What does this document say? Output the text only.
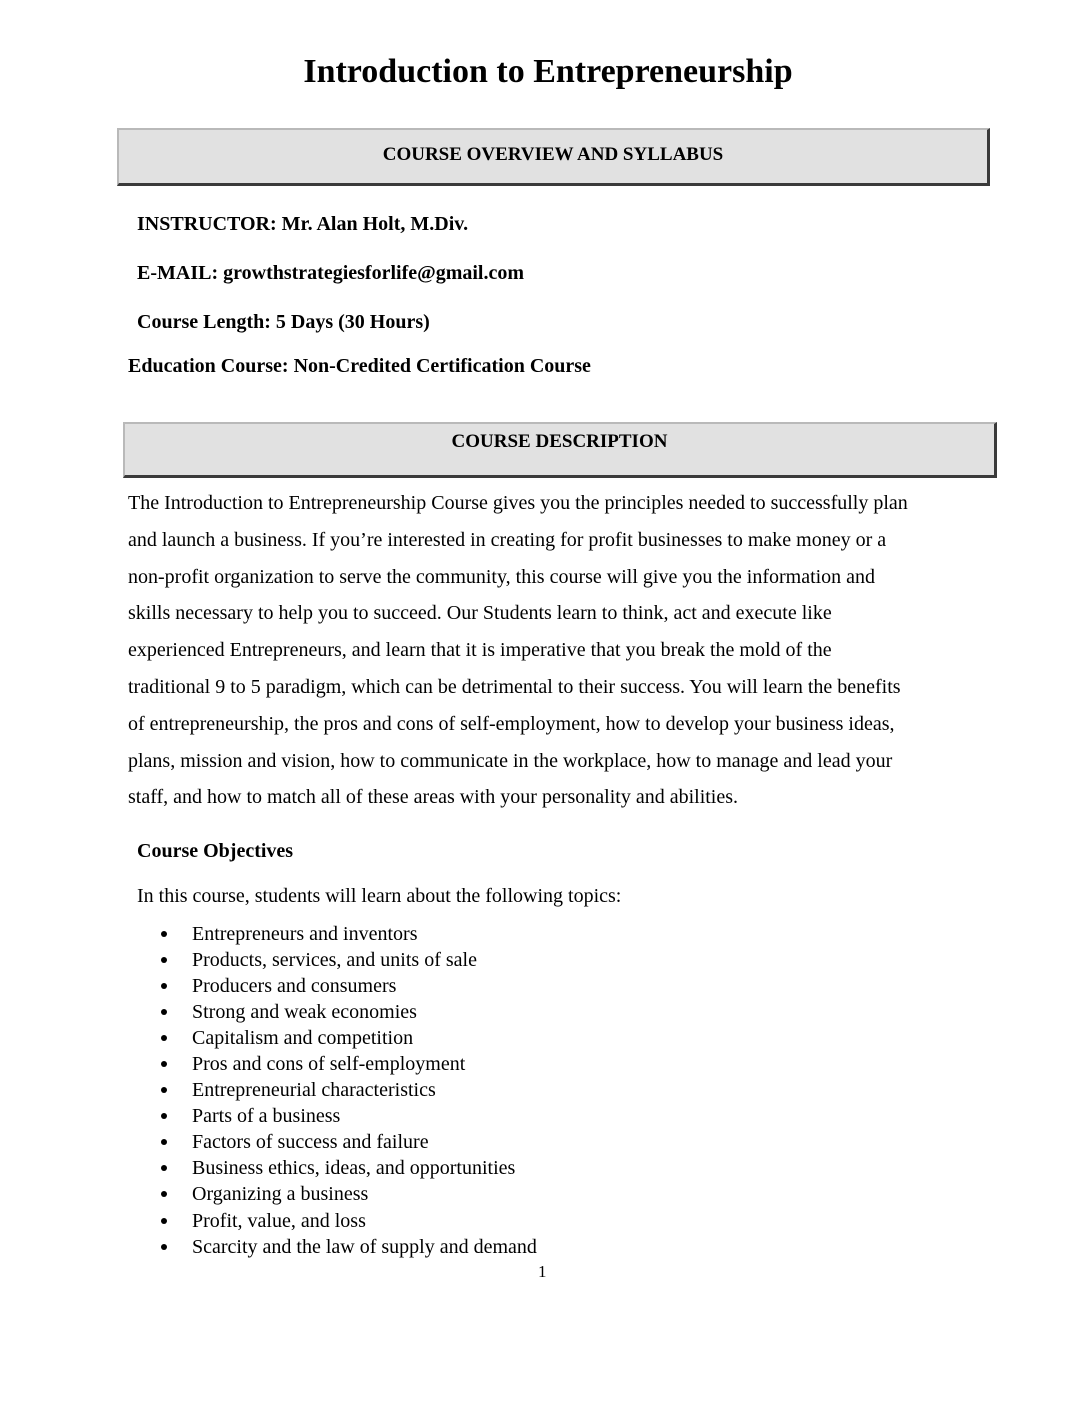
Introduction to Entrepreneurship
COURSE OVERVIEW AND SYLLABUS
INSTRUCTOR: Mr. Alan Holt, M.Div.
E-MAIL: growthstrategiesforlife@gmail.com
Course Length: 5 Days (30 Hours)
Education Course: Non-Credited Certification Course
COURSE DESCRIPTION

The Introduction to Entrepreneurship Course gives you the principles needed to successfully plan
and launch a business. If you’re interested in creating for profit businesses to make money or a
non-profit organization to serve the community, this course will give you the information and
skills necessary to help you to succeed. Our Students learn to think, act and execute like
experienced Entrepreneurs, and learn that it is imperative that you break the mold of the
traditional 9 to 5 paradigm, which can be detrimental to their success. You will learn the benefits
of entrepreneurship, the pros and cons of self-employment, how to develop your business ideas,
plans, mission and vision, how to communicate in the workplace, how to manage and lead your
staff, and how to match all of these areas with your personality and abilities.

Course Objectives

In this course, students will learn about the following topics:

Entrepreneurs and inventors
Products, services, and units of sale
Producers and consumers
Strong and weak economies
Capitalism and competition
Pros and cons of self-employment
Entrepreneurial characteristics
Parts of a business
Factors of success and failure
Business ethics, ideas, and opportunities
Organizing a business
Profit, value, and loss
Scarcity and the law of supply and demand
1
